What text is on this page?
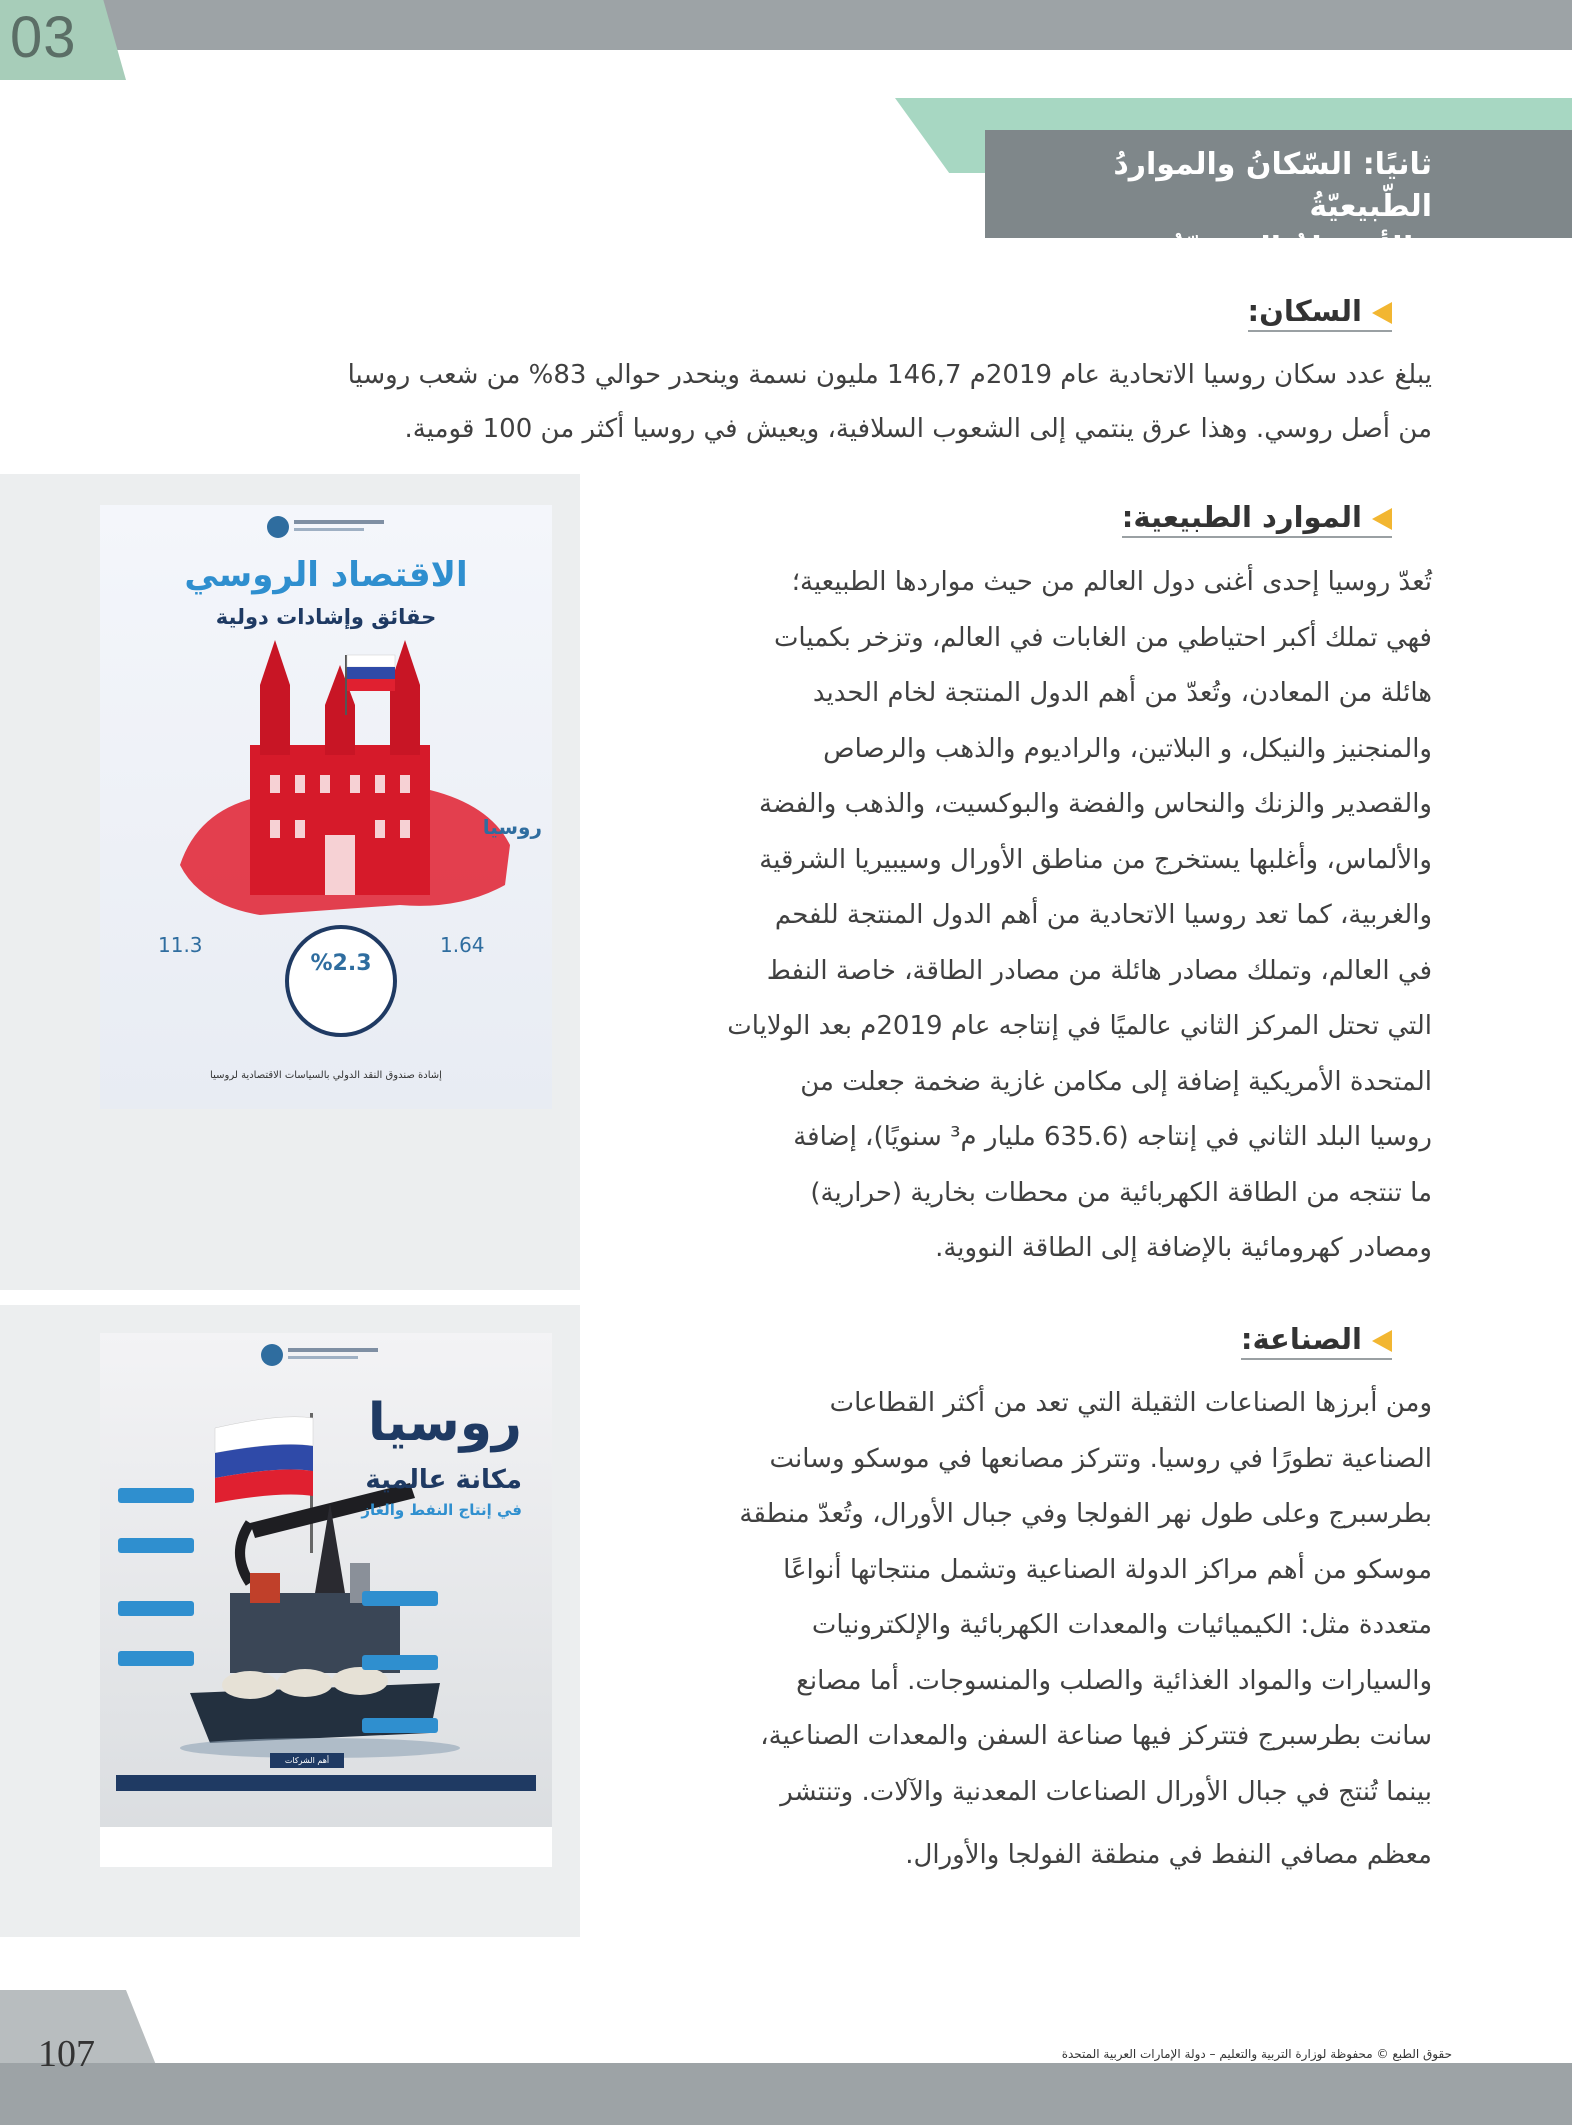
03
ثانيًا: السّكانُ والمواردُ الطّبيعيّةُ
والأنشطةُ البشريّةُ
السكان:
يبلغ عدد سكان روسيا الاتحادية عام 2019م 146,7 مليون نسمة وينحدر حوالي 83% من شعب روسيا
من أصل روسي. وهذا عرق ينتمي إلى الشعوب السلافية، ويعيش في روسيا أكثر من 100 قومية.
الاقتصاد الروسي
حقائق وإشادات دولية
روسيا
11.3	1.64
%2.3
إشادة صندوق النقد الدولي بالسياسات الاقتصادية لروسيا
الموارد الطبيعية:
تُعدّ روسيا إحدى أغنى دول العالم من حيث مواردها الطبيعية؛
فهي تملك أكبر احتياطي من الغابات في العالم، وتزخر بكميات
هائلة من المعادن، وتُعدّ من أهم الدول المنتجة لخام الحديد
والمنجنيز والنيكل، و البلاتين، والراديوم والذهب والرصاص
والقصدير والزنك والنحاس والفضة والبوكسيت، والذهب والفضة
والألماس، وأغلبها يستخرج من مناطق الأورال وسيبيريا الشرقية
والغربية، كما تعد روسيا الاتحادية من أهم الدول المنتجة للفحم
في العالم، وتملك مصادر هائلة من مصادر الطاقة، خاصة النفط
التي تحتل المركز الثاني عالميًا في إنتاجه عام 2019م بعد الولايات
المتحدة الأمريكية إضافة إلى مكامن غازية ضخمة جعلت من
روسيا البلد الثاني في إنتاجه (635.6 مليار م³ سنويًا)، إضافة
ما تنتجه من الطاقة الكهربائية من محطات بخارية (حرارية)
ومصادر كهرومائية بالإضافة إلى الطاقة النووية.
روسيا
مكانة عالمية
في إنتاج النفط والغاز
أهم الشركات
الصناعة:
ومن أبرزها الصناعات الثقيلة التي تعد من أكثر القطاعات
الصناعية تطورًا في روسيا. وتتركز مصانعها في موسكو وسانت
بطرسبرج وعلى طول نهر الفولجا وفي جبال الأورال، وتُعدّ منطقة
موسكو من أهم مراكز الدولة الصناعية وتشمل منتجاتها أنواعًا
متعددة مثل: الكيميائيات والمعدات الكهربائية والإلكترونيات
والسيارات والمواد الغذائية والصلب والمنسوجات. أما مصانع
سانت بطرسبرج فتتركز فيها صناعة السفن والمعدات الصناعية،
بينما تُنتج في جبال الأورال الصناعات المعدنية والآلات. وتنتشر
معظم مصافي النفط في منطقة الفولجا والأورال.
107	حقوق الطبع © محفوظة لوزارة التربية والتعليم – دولة الإمارات العربية المتحدة
